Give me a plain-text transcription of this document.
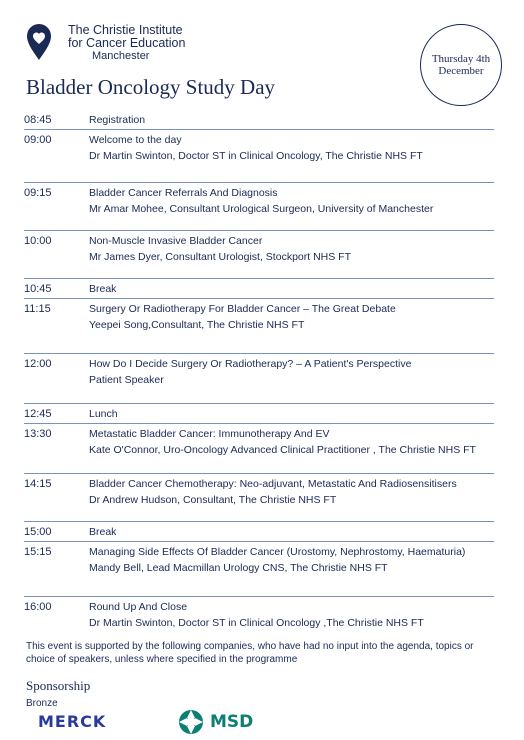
The Christie Institute
for Cancer Education
Manchester
Bladder Oncology Study Day
Thursday 4th December
08:45	Registration
09:00	Welcome to the day
Dr Martin Swinton, Doctor ST in Clinical Oncology, The Christie NHS FT
09:15	Bladder Cancer Referrals And Diagnosis
Mr Amar Mohee, Consultant Urological Surgeon, University of Manchester
10:00	Non-Muscle Invasive Bladder Cancer
Mr James Dyer, Consultant Urologist, Stockport NHS FT
10:45	Break
11:15	Surgery Or Radiotherapy For Bladder Cancer – The Great Debate
Yeepei Song,Consultant, The Christie NHS FT
12:00	How Do I Decide Surgery Or Radiotherapy? – A Patient's Perspective
Patient Speaker
12:45	Lunch
13:30	Metastatic Bladder Cancer: Immunotherapy And EV
Kate O'Connor, Uro-Oncology Advanced Clinical Practitioner , The Christie NHS FT
14:15	Bladder Cancer Chemotherapy: Neo-adjuvant, Metastatic And Radiosensitisers
Dr Andrew Hudson, Consultant, The Christie NHS FT
15:00	Break
15:15	Managing Side Effects Of Bladder Cancer (Urostomy, Nephrostomy, Haematuria)
Mandy Bell, Lead Macmillan Urology CNS, The Christie NHS FT
16:00	Round Up And Close
Dr Martin Swinton, Doctor ST in Clinical Oncology ,The Christie NHS FT
This event is supported by the following companies, who have had no input into the agenda, topics or choice of speakers, unless where specified in the programme
Sponsorship
Bronze
MERCK	MSD
